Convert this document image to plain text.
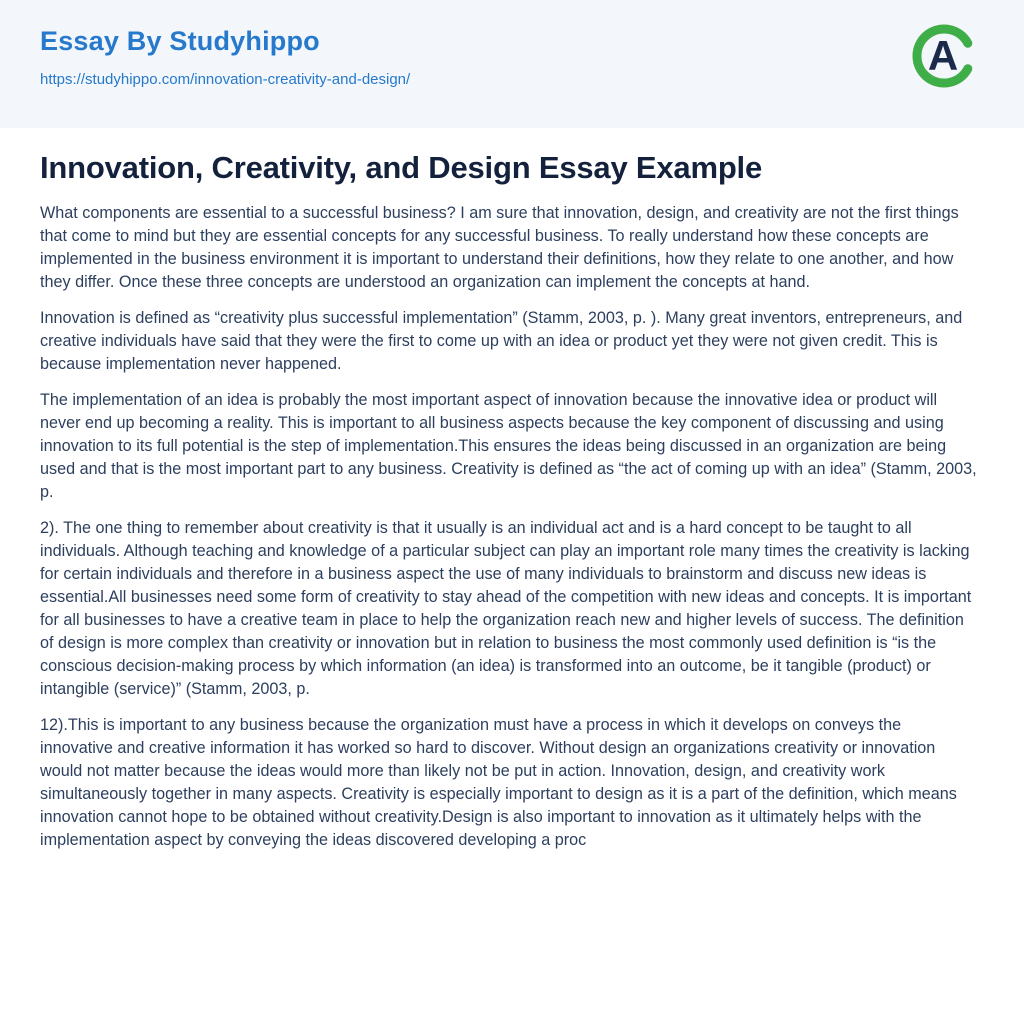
Essay By Studyhippo
https://studyhippo.com/innovation-creativity-and-design/
A
Innovation, Creativity, and Design Essay Example

What components are essential to a successful business? I am sure that innovation, design, and creativity are not the first things that come to mind but they are essential concepts for any successful business. To really understand how these concepts are implemented in the business environment it is important to understand their definitions, how they relate to one another, and how they differ. Once these three concepts are understood an organization can implement the concepts at hand.

Innovation is defined as “creativity plus successful implementation” (Stamm, 2003, p. ). Many great inventors, entrepreneurs, and creative individuals have said that they were the first to come up with an idea or product yet they were not given credit. This is because implementation never happened.

The implementation of an idea is probably the most important aspect of innovation because the innovative idea or product will never end up becoming a reality. This is important to all business aspects because the key component of discussing and using innovation to its full potential is the step of implementation.This ensures the ideas being discussed in an organization are being used and that is the most important part to any business. Creativity is defined as “the act of coming up with an idea” (Stamm, 2003, p.

2). The one thing to remember about creativity is that it usually is an individual act and is a hard concept to be taught to all individuals. Although teaching and knowledge of a particular subject can play an important role many times the creativity is lacking for certain individuals and therefore in a business aspect the use of many individuals to brainstorm and discuss new ideas is essential.All businesses need some form of creativity to stay ahead of the competition with new ideas and concepts. It is important for all businesses to have a creative team in place to help the organization reach new and higher levels of success. The definition of design is more complex than creativity or innovation but in relation to business the most commonly used definition is “is the conscious decision-making process by which information (an idea) is transformed into an outcome, be it tangible (product) or intangible (service)” (Stamm, 2003, p.

12).This is important to any business because the organization must have a process in which it develops on conveys the innovative and creative information it has worked so hard to discover. Without design an organizations creativity or innovation would not matter because the ideas would more than likely not be put in action. Innovation, design, and creativity work simultaneously together in many aspects. Creativity is especially important to design as it is a part of the definition, which means innovation cannot hope to be obtained without creativity.Design is also important to innovation as it ultimately helps with the implementation aspect by conveying the ideas discovered developing a proc
